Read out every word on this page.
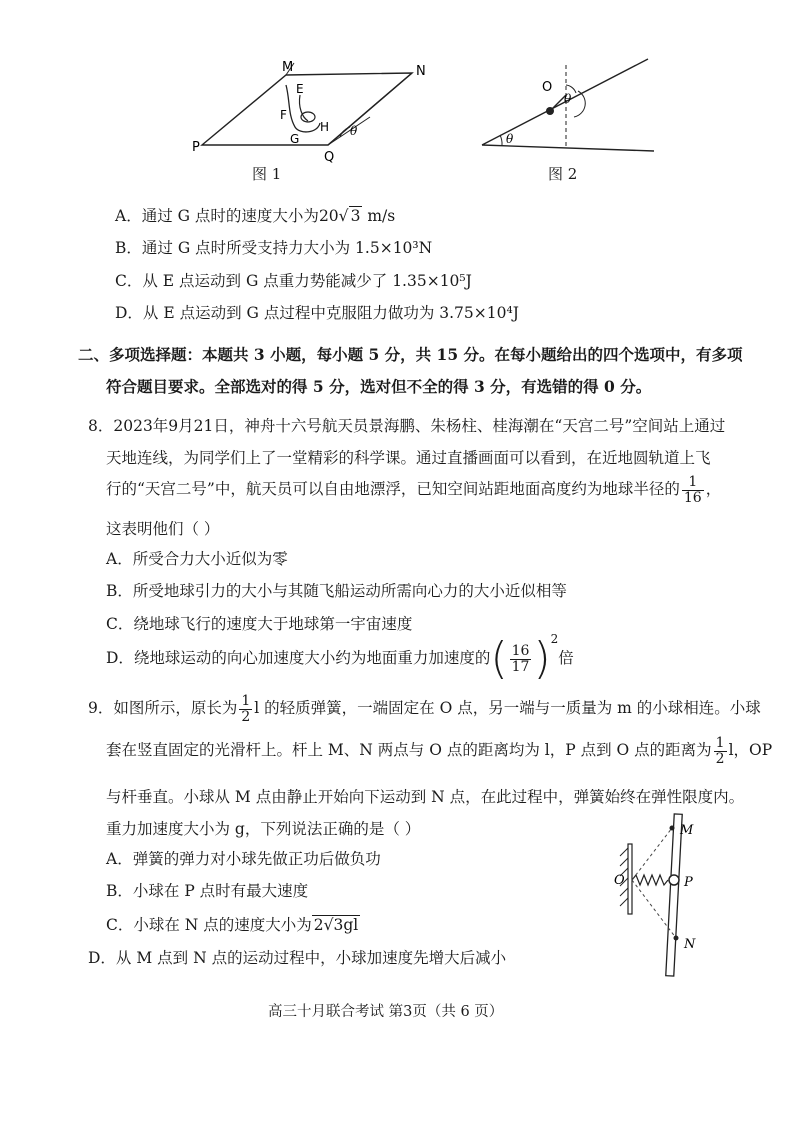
M	N
P
Q
E
F
G
H θ
图 1
O
θ
θ
图 2
A．通过 G 点时的速度大小为20√ 3 m/s
B．通过 G 点时所受支持力大小为 1.5×10³N
C．从 E 点运动到 G 点重力势能减少了 1.35×10⁵J
D．从 E 点运动到 G 点过程中克服阻力做功为 3.75×10⁴J
二、多项选择题：本题共 3 小题，每小题 5 分，共 15 分。在每小题给出的四个选项中，有多项
符合题目要求。全部选对的得 5 分，选对但不全的得 3 分，有选错的得 0 分。
8．2023年9月21日，神舟十六号航天员景海鹏、朱杨柱、桂海潮在“天宫二号”空间站上通过
天地连线，为同学们上了一堂精彩的科学课。通过直播画面可以看到，在近地圆轨道上飞
行的“天宫二号”中，航天员可以自由地漂浮，已知空间站距地面高度约为地球半径的 $\frac{1}{16}$ ，
这表明他们（ ）
A．所受合力大小近似为零
B．所受地球引力的大小与其随飞船运动所需向心力的大小近似相等
C．绕地球飞行的速度大于地球第一宇宙速度
D．绕地球运动的向心加速度大小约为地面重力加速度的( $\frac{16}{17} )^2$倍
9．如图所示，原长为 $\frac{1}{2}$ l 的轻质弹簧，一端固定在 O 点，另一端与一质量为 m 的小球相连。小球
套在竖直固定的光滑杆上。杆上 M、N 两点与 O 点的距离均为 l，P 点到 O 点的距离为 $\frac{1}{2}$ l，OP
与杆垂直。小球从 M 点由静止开始向下运动到 N 点，在此过程中，弹簧始终在弹性限度内。
重力加速度大小为 g，下列说法正确的是（ ）
A．弹簧的弹力对小球先做正功后做负功
B．小球在 P 点时有最大速度
C．小球在 N 点的速度大小为 2√3gl
D．从 M 点到 N 点的运动过程中，小球加速度先增大后减小
M
N
O	P
高三十月联合考试 第3页（共 6 页）
